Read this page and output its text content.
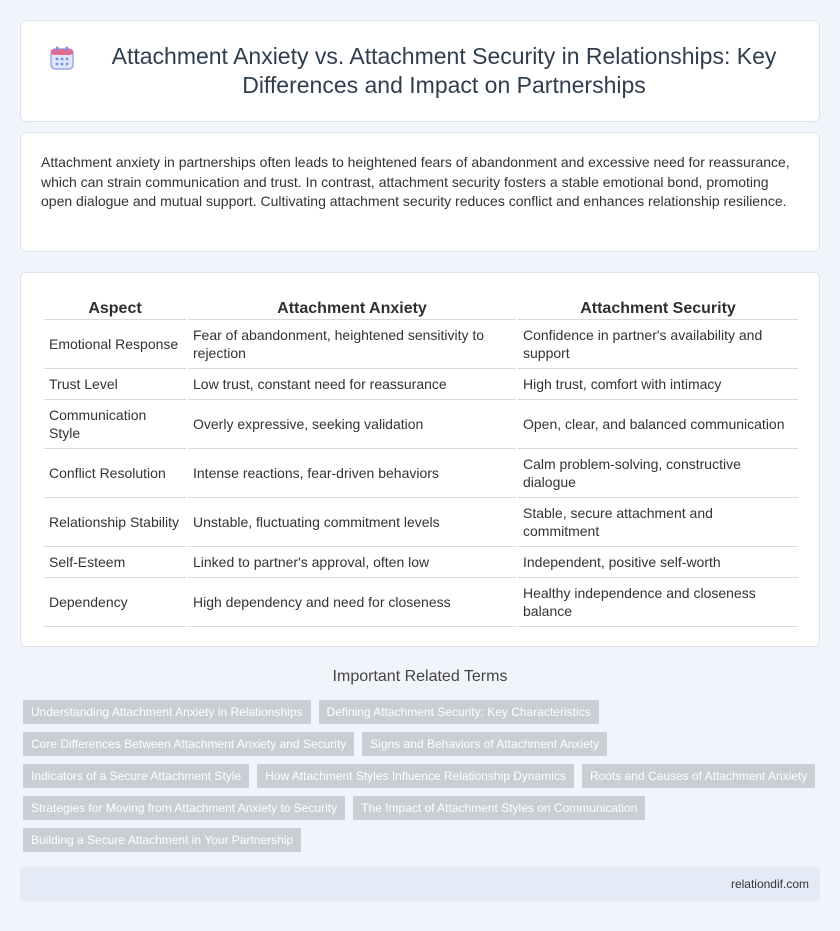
Attachment Anxiety vs. Attachment Security in Relationships: Key Differences and Impact on Partnerships

Attachment anxiety in partnerships often leads to heightened fears of abandonment and excessive need for reassurance, which can strain communication and trust. In contrast, attachment security fosters a stable emotional bond, promoting open dialogue and mutual support. Cultivating attachment security reduces conflict and enhances relationship resilience.

Aspect	Attachment Anxiety	Attachment Security
Emotional Response	Fear of abandonment, heightened sensitivity to rejection	Confidence in partner's availability and support
Trust Level	Low trust, constant need for reassurance	High trust, comfort with intimacy
Communication Style	Overly expressive, seeking validation	Open, clear, and balanced communication
Conflict Resolution	Intense reactions, fear-driven behaviors	Calm problem-solving, constructive dialogue
Relationship Stability	Unstable, fluctuating commitment levels	Stable, secure attachment and commitment
Self-Esteem	Linked to partner's approval, often low	Independent, positive self-worth
Dependency	High dependency and need for closeness	Healthy independence and closeness balance
Important Related Terms
Understanding Attachment Anxiety in Relationships	Defining Attachment Security: Key Characteristics
Core Differences Between Attachment Anxiety and Security	Signs and Behaviors of Attachment Anxiety
Indicators of a Secure Attachment Style	How Attachment Styles Influence Relationship Dynamics	Roots and Causes of Attachment Anxiety
Strategies for Moving from Attachment Anxiety to Security	The Impact of Attachment Styles on Communication
Building a Secure Attachment in Your Partnership
relationdif.com
